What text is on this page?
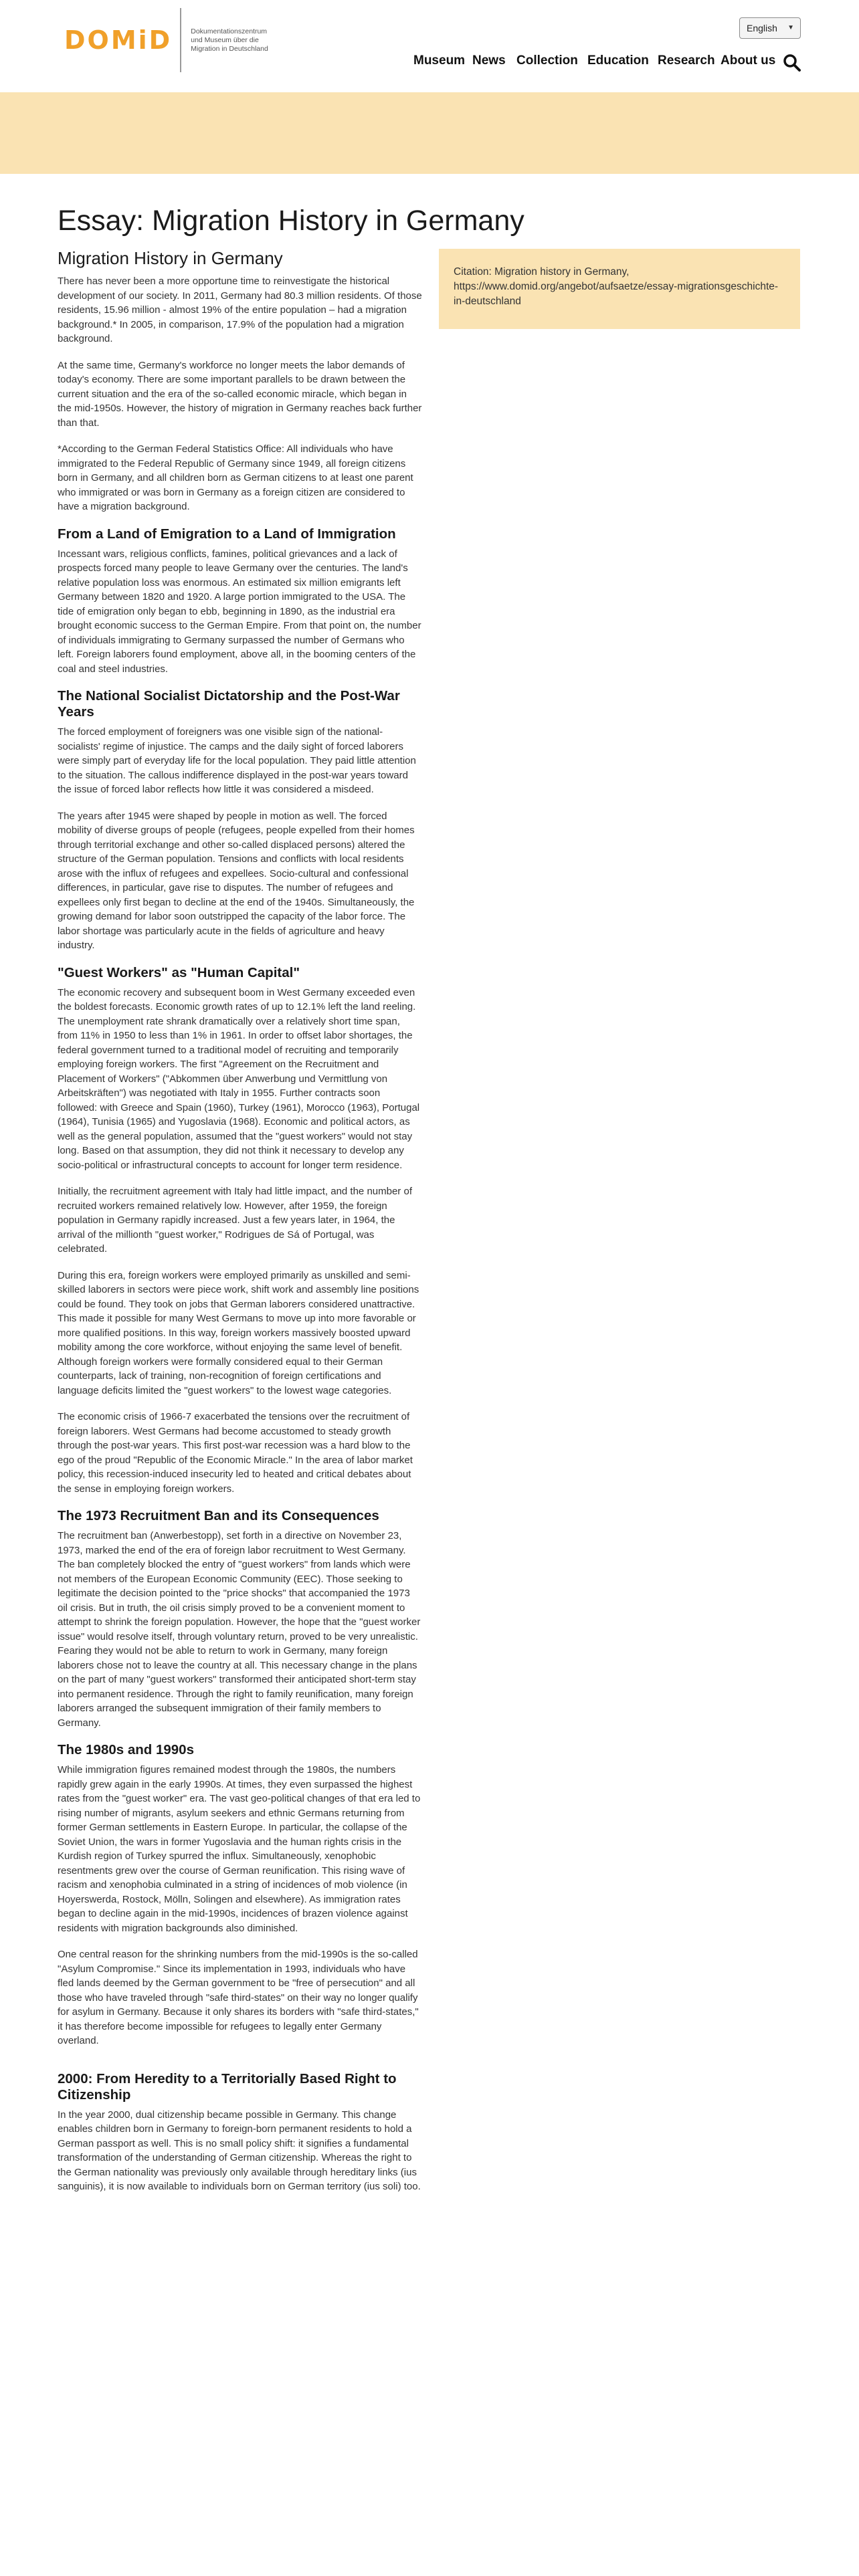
DOMiD	Dokumentationszentrum
und Museum über die
Migration in Deutschland
English ▼
Museum News Collection Education Research About us
Essay: Migration History in Germany
Citation: Migration history in Germany, https://www.domid.org/angebot/aufsaetze/essay-migrationsgeschichte-in-deutschland
Migration History in Germany

There has never been a more opportune time to reinvestigate the historical development of our society. In 2011, Germany had 80.3 million residents. Of those residents, 15.96 million - almost 19% of the entire population – had a migration background.* In 2005, in comparison, 17.9% of the population had a migration background.

At the same time, Germany's workforce no longer meets the labor demands of today's economy. There are some important parallels to be drawn between the current situation and the era of the so-called economic miracle, which began in the mid-1950s. However, the history of migration in Germany reaches back further than that.

*According to the German Federal Statistics Office: All individuals who have immigrated to the Federal Republic of Germany since 1949, all foreign citizens born in Germany, and all children born as German citizens to at least one parent who immigrated or was born in Germany as a foreign citizen are considered to have a migration background.

From a Land of Emigration to a Land of Immigration

Incessant wars, religious conflicts, famines, political grievances and a lack of prospects forced many people to leave Germany over the centuries. The land's relative population loss was enormous. An estimated six million emigrants left Germany between 1820 and 1920. A large portion immigrated to the USA. The tide of emigration only began to ebb, beginning in 1890, as the industrial era brought economic success to the German Empire. From that point on, the number of individuals immigrating to Germany surpassed the number of Germans who left. Foreign laborers found employment, above all, in the booming centers of the coal and steel industries.

The National Socialist Dictatorship and the Post-War Years

The forced employment of foreigners was one visible sign of the national-socialists' regime of injustice. The camps and the daily sight of forced laborers were simply part of everyday life for the local population. They paid little attention to the situation. The callous indifference displayed in the post-war years toward the issue of forced labor reflects how little it was considered a misdeed.

The years after 1945 were shaped by people in motion as well. The forced mobility of diverse groups of people (refugees, people expelled from their homes through territorial exchange and other so-called displaced persons) altered the structure of the German population. Tensions and conflicts with local residents arose with the influx of refugees and expellees. Socio-cultural and confessional differences, in particular, gave rise to disputes. The number of refugees and expellees only first began to decline at the end of the 1940s. Simultaneously, the growing demand for labor soon outstripped the capacity of the labor force. The labor shortage was particularly acute in the fields of agriculture and heavy industry.

"Guest Workers" as "Human Capital"

The economic recovery and subsequent boom in West Germany exceeded even the boldest forecasts. Economic growth rates of up to 12.1% left the land reeling. The unemployment rate shrank dramatically over a relatively short time span, from 11% in 1950 to less than 1% in 1961. In order to offset labor shortages, the federal government turned to a traditional model of recruiting and temporarily employing foreign workers. The first "Agreement on the Recruitment and Placement of Workers" ("Abkommen über Anwerbung und Vermittlung von Arbeitskräften") was negotiated with Italy in 1955. Further contracts soon followed: with Greece and Spain (1960), Turkey (1961), Morocco (1963), Portugal (1964), Tunisia (1965) and Yugoslavia (1968). Economic and political actors, as well as the general population, assumed that the "guest workers" would not stay long. Based on that assumption, they did not think it necessary to develop any socio-political or infrastructural concepts to account for longer term residence.

Initially, the recruitment agreement with Italy had little impact, and the number of recruited workers remained relatively low. However, after 1959, the foreign population in Germany rapidly increased. Just a few years later, in 1964, the arrival of the millionth "guest worker," Rodrigues de Sá of Portugal, was celebrated.

During this era, foreign workers were employed primarily as unskilled and semi-skilled laborers in sectors were piece work, shift work and assembly line positions could be found. They took on jobs that German laborers considered unattractive. This made it possible for many West Germans to move up into more favorable or more qualified positions. In this way, foreign workers massively boosted upward mobility among the core workforce, without enjoying the same level of benefit. Although foreign workers were formally considered equal to their German counterparts, lack of training, non-recognition of foreign certifications and language deficits limited the "guest workers" to the lowest wage categories.

The economic crisis of 1966-7 exacerbated the tensions over the recruitment of foreign laborers. West Germans had become accustomed to steady growth through the post-war years. This first post-war recession was a hard blow to the ego of the proud "Republic of the Economic Miracle." In the area of labor market policy, this recession-induced insecurity led to heated and critical debates about the sense in employing foreign workers.

The 1973 Recruitment Ban and its Consequences

The recruitment ban (Anwerbestopp), set forth in a directive on November 23, 1973, marked the end of the era of foreign labor recruitment to West Germany. The ban completely blocked the entry of "guest workers" from lands which were not members of the European Economic Community (EEC). Those seeking to legitimate the decision pointed to the "price shocks" that accompanied the 1973 oil crisis. But in truth, the oil crisis simply proved to be a convenient moment to attempt to shrink the foreign population. However, the hope that the "guest worker issue" would resolve itself, through voluntary return, proved to be very unrealistic. Fearing they would not be able to return to work in Germany, many foreign laborers chose not to leave the country at all. This necessary change in the plans on the part of many "guest workers" transformed their anticipated short-term stay into permanent residence. Through the right to family reunification, many foreign laborers arranged the subsequent immigration of their family members to Germany.

The 1980s and 1990s

While immigration figures remained modest through the 1980s, the numbers rapidly grew again in the early 1990s. At times, they even surpassed the highest rates from the "guest worker" era. The vast geo-political changes of that era led to rising number of migrants, asylum seekers and ethnic Germans returning from former German settlements in Eastern Europe. In particular, the collapse of the Soviet Union, the wars in former Yugoslavia and the human rights crisis in the Kurdish region of Turkey spurred the influx. Simultaneously, xenophobic resentments grew over the course of German reunification. This rising wave of racism and xenophobia culminated in a string of incidences of mob violence (in Hoyerswerda, Rostock, Mölln, Solingen and elsewhere). As immigration rates began to decline again in the mid-1990s, incidences of brazen violence against residents with migration backgrounds also diminished.

One central reason for the shrinking numbers from the mid-1990s is the so-called "Asylum Compromise." Since its implementation in 1993, individuals who have fled lands deemed by the German government to be "free of persecution" and all those who have traveled through "safe third-states" on their way no longer qualify for asylum in Germany. Because it only shares its borders with "safe third-states," it has therefore become impossible for refugees to legally enter Germany overland.

2000: From Heredity to a Territorially Based Right to Citizenship

In the year 2000, dual citizenship became possible in Germany. This change enables children born in Germany to foreign-born permanent residents to hold a German passport as well. This is no small policy shift: it signifies a fundamental transformation of the understanding of German citizenship. Whereas the right to the German nationality was previously only available through hereditary links (ius sanguinis), it is now available to individuals born on German territory (ius soli) too.
